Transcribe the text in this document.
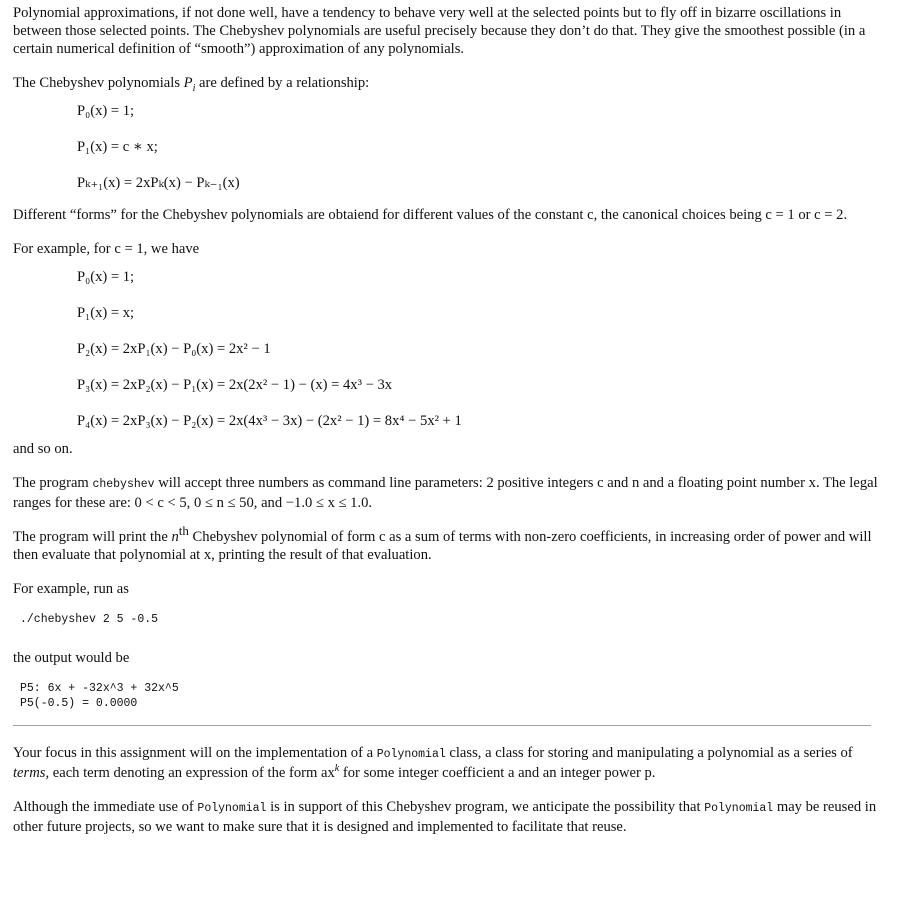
Polynomial approximations, if not done well, have a tendency to behave very well at the selected points but to fly off in bizarre oscillations in between those selected points. The Chebyshev polynomials are useful precisely because they don’t do that. They give the smoothest possible (in a certain numerical definition of “smooth”) approximation of any polynomials.

The Chebyshev polynomials $P_i$ are defined by a relationship:

P₀(x) = 1;
P₁(x) = c ∗ x;
Pₖ₊₁(x) = 2xPₖ(x) − Pₖ₋₁(x)

Different “forms” for the Chebyshev polynomials are obtaiend for different values of the constant c, the canonical choices being c = 1 or c = 2.

For example, for c = 1, we have

P₀(x) = 1;
P₁(x) = x;
P₂(x) = 2xP₁(x) − P₀(x) = 2x² − 1
P₃(x) = 2xP₂(x) − P₁(x) = 2x(2x² − 1) − (x) = 4x³ − 3x
P₄(x) = 2xP₃(x) − P₂(x) = 2x(4x³ − 3x) − (2x² − 1) = 8x⁴ − 5x² + 1

and so on.

The program chebyshev will accept three numbers as command line parameters: 2 positive integers c and n and a floating point number x. The legal ranges for these are: 0 < c < 5, 0 ≤ n ≤ 50, and −1.0 ≤ x ≤ 1.0.

The program will print the nth Chebyshev polynomial of form c as a sum of terms with non-zero coefficients, in increasing order of power and will then evaluate that polynomial at x, printing the result of that evaluation.

For example, run as

./chebyshev 2 5 -0.5

the output would be

P5: 6x + -32x^3 + 32x^5
P5(-0.5) = 0.0000

Your focus in this assignment will on the implementation of a Polynomial class, a class for storing and manipulating a polynomial as a series of terms, each term denoting an expression of the form $ax^k$ for some integer coefficient a and an integer power p.

Although the immediate use of Polynomial is in support of this Chebyshev program, we anticipate the possibility that Polynomial may be reused in other future projects, so we want to make sure that it is designed and implemented to facilitate that reuse.
